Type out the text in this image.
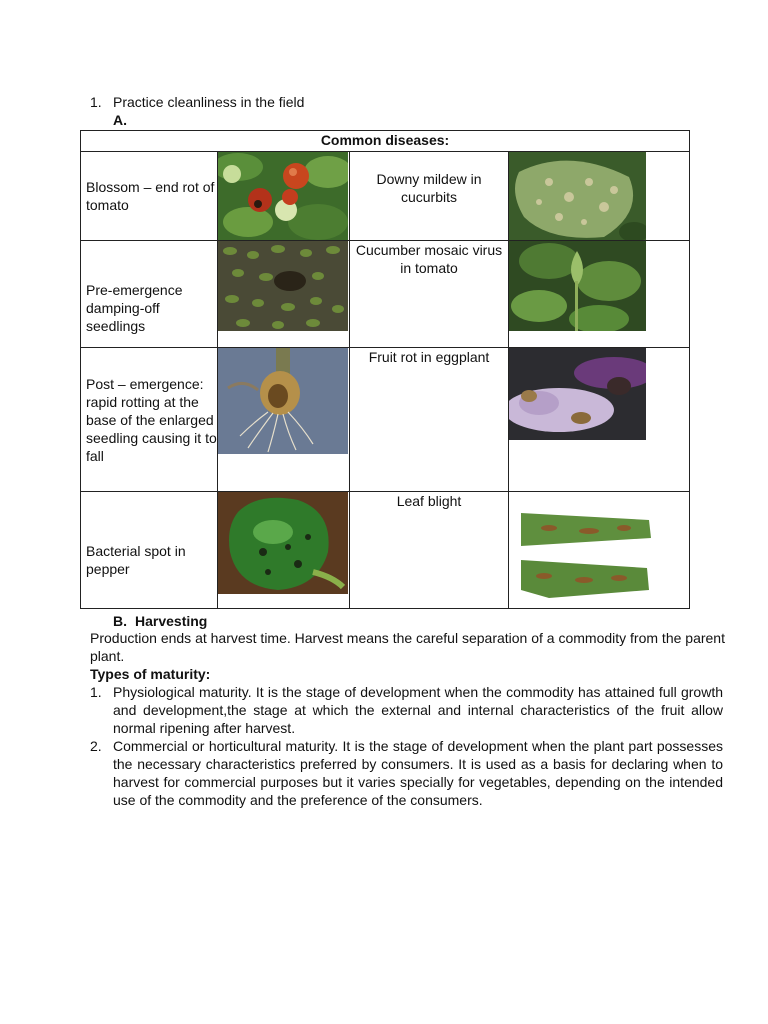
1. Practice cleanliness in the field
A.
Common diseases:			
Blossom – end rot of tomato		Downy mildew in cucurbits	

Pre-emergence damping-off seedlings		Cucumber mosaic virus in tomato	

Post – emergence: rapid rotting at the base of the enlarged seedling causing it to fall		Fruit rot in eggplant	

Bacterial spot in pepper		Leaf blight	
B. Harvesting
Production ends at harvest time. Harvest means the careful separation of a commodity from the parent plant.
Types of maturity:
1. Physiological maturity. It is the stage of development when the commodity has attained full growth and development,the stage at which the external and internal characteristics of the fruit allow normal ripening after harvest.
2. Commercial or horticultural maturity. It is the stage of development when the plant part possesses the necessary characteristics preferred by consumers. It is used as a basis for declaring when to harvest for commercial purposes but it varies specially for vegetables, depending on the intended use of the commodity and the preference of the consumers.
